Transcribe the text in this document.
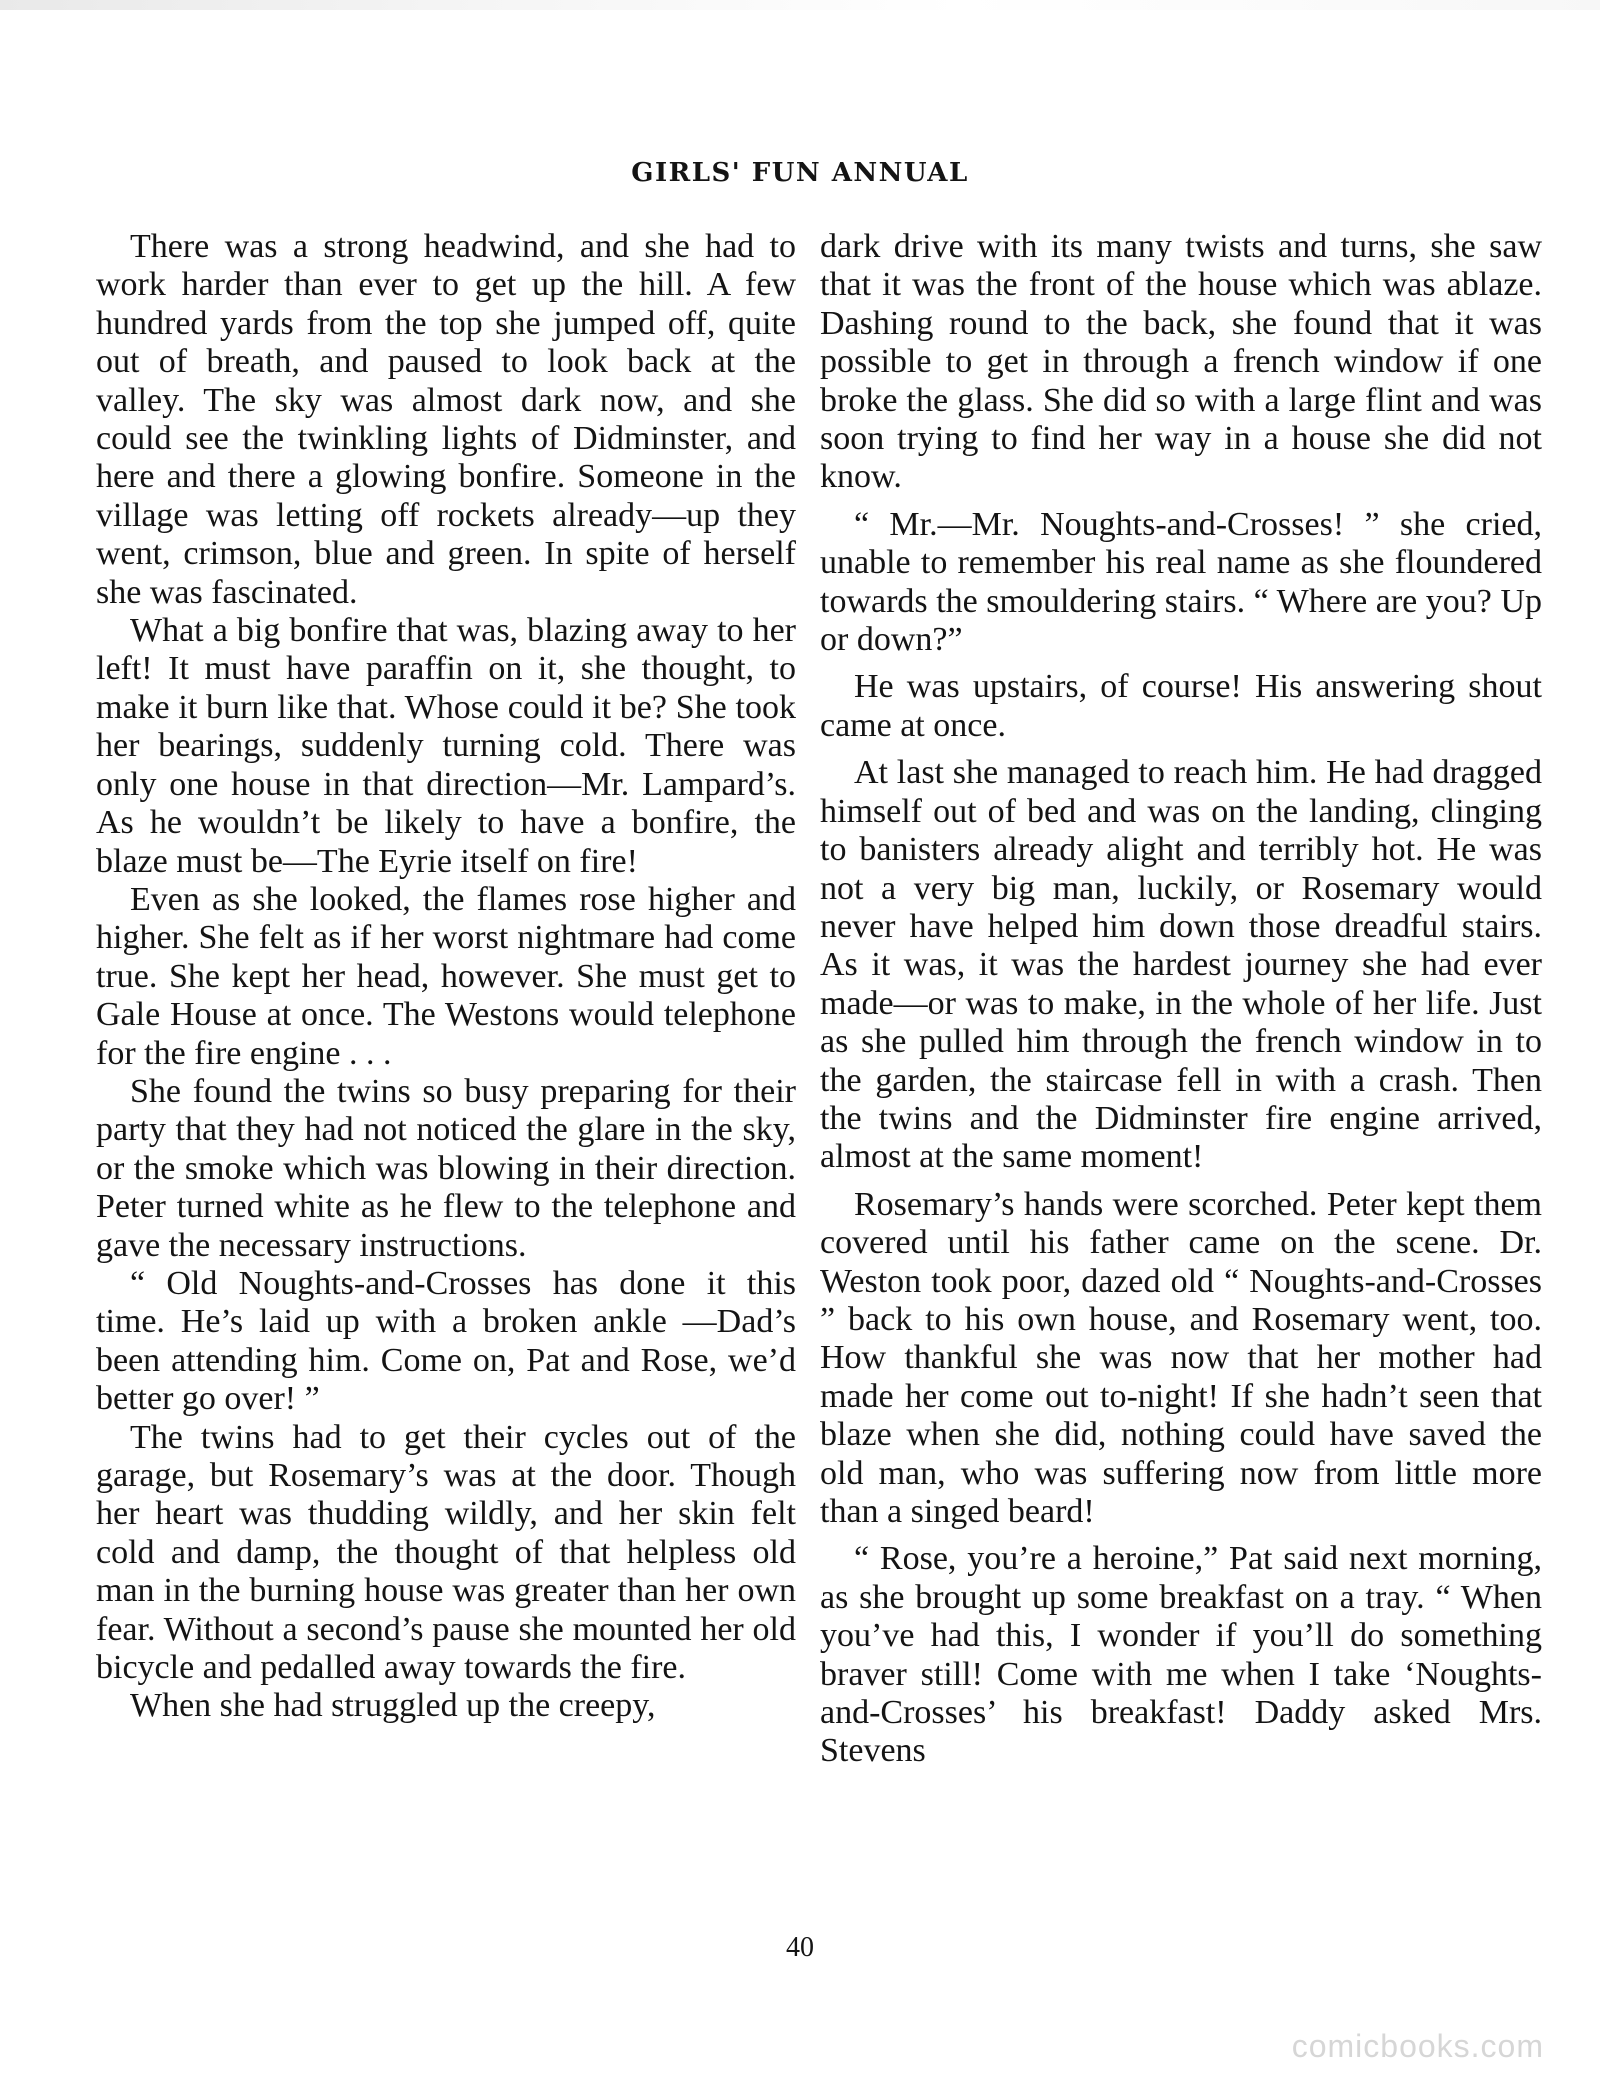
GIRLS' FUN ANNUAL

There was a strong headwind, and she had to work harder than ever to get up the hill. A few hundred yards from the top she jumped off, quite out of breath, and paused to look back at the valley. The sky was almost dark now, and she could see the twinkling lights of Didminster, and here and there a glowing bonfire. Someone in the village was letting off rockets already—up they went, crimson, blue and green. In spite of herself she was fascinated.

What a big bonfire that was, blazing away to her left! It must have paraffin on it, she thought, to make it burn like that. Whose could it be? She took her bearings, suddenly turning cold. There was only one house in that direction—Mr. Lampard’s. As he wouldn’t be likely to have a bonfire, the blaze must be—The Eyrie itself on fire!

Even as she looked, the flames rose higher and higher. She felt as if her worst nightmare had come true. She kept her head, however. She must get to Gale House at once. The Westons would telephone for the fire engine . . .

She found the twins so busy preparing for their party that they had not noticed the glare in the sky, or the smoke which was blowing in their direction. Peter turned white as he flew to the telephone and gave the necessary instructions.

“ Old Noughts-and-Crosses has done it this time. He’s laid up with a broken ankle —Dad’s been attending him. Come on, Pat and Rose, we’d better go over! ”

The twins had to get their cycles out of the garage, but Rosemary’s was at the door. Though her heart was thudding wildly, and her skin felt cold and damp, the thought of that helpless old man in the burning house was greater than her own fear. Without a second’s pause she mounted her old bicycle and pedalled away towards the fire.

When she had struggled up the creepy,

dark drive with its many twists and turns, she saw that it was the front of the house which was ablaze. Dashing round to the back, she found that it was possible to get in through a french window if one broke the glass. She did so with a large flint and was soon trying to find her way in a house she did not know.

“ Mr.—Mr. Noughts-and-Crosses! ” she cried, unable to remember his real name as she floundered towards the smouldering stairs. “ Where are you? Up or down?”

He was upstairs, of course! His answering shout came at once.

At last she managed to reach him. He had dragged himself out of bed and was on the landing, clinging to banisters already alight and terribly hot. He was not a very big man, luckily, or Rosemary would never have helped him down those dreadful stairs. As it was, it was the hardest journey she had ever made—or was to make, in the whole of her life. Just as she pulled him through the french window in to the garden, the staircase fell in with a crash. Then the twins and the Didminster fire engine arrived, almost at the same moment!

Rosemary’s hands were scorched. Peter kept them covered until his father came on the scene. Dr. Weston took poor, dazed old “ Noughts-and-Crosses ” back to his own house, and Rosemary went, too. How thankful she was now that her mother had made her come out to-night! If she hadn’t seen that blaze when she did, nothing could have saved the old man, who was suffering now from little more than a singed beard!

“ Rose, you’re a heroine,” Pat said next morning, as she brought up some breakfast on a tray. “ When you’ve had this, I wonder if you’ll do something braver still! Come with me when I take ‘Noughts-and-Crosses’ his breakfast! Daddy asked Mrs. Stevens

40
comicbooks.com
